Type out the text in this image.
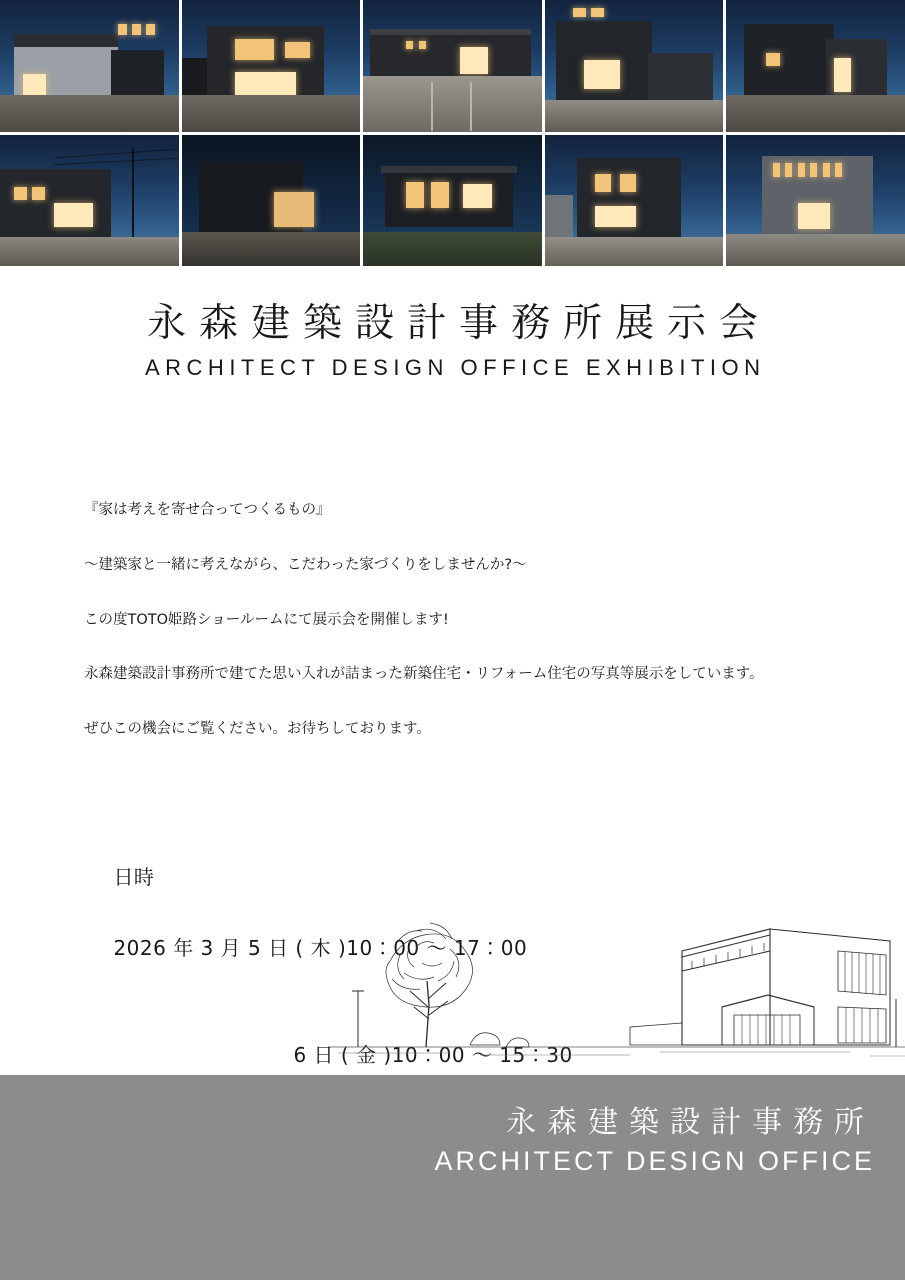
永森建築設計事務所展示会
ARCHITECT DESIGN OFFICE EXHIBITION

『家は考えを寄せ合ってつくるもの』

〜建築家と一緒に考えながら、こだわった家づくりをしませんか?〜

この度TOTO姫路ショールームにて展示会を開催します!

永森建築設計事務所で建てた思い入れが詰まった新築住宅・リフォーム住宅の写真等展示をしています。

ぜひこの機会にご覧ください。お待ちしております。

日時

2026 年 3 月 5 日 ( 木 )10：00 〜 17：00

6 日 ( 金 )10：00 〜 15：30

永森建築設計事務所
ARCHITECT DESIGN OFFICE
